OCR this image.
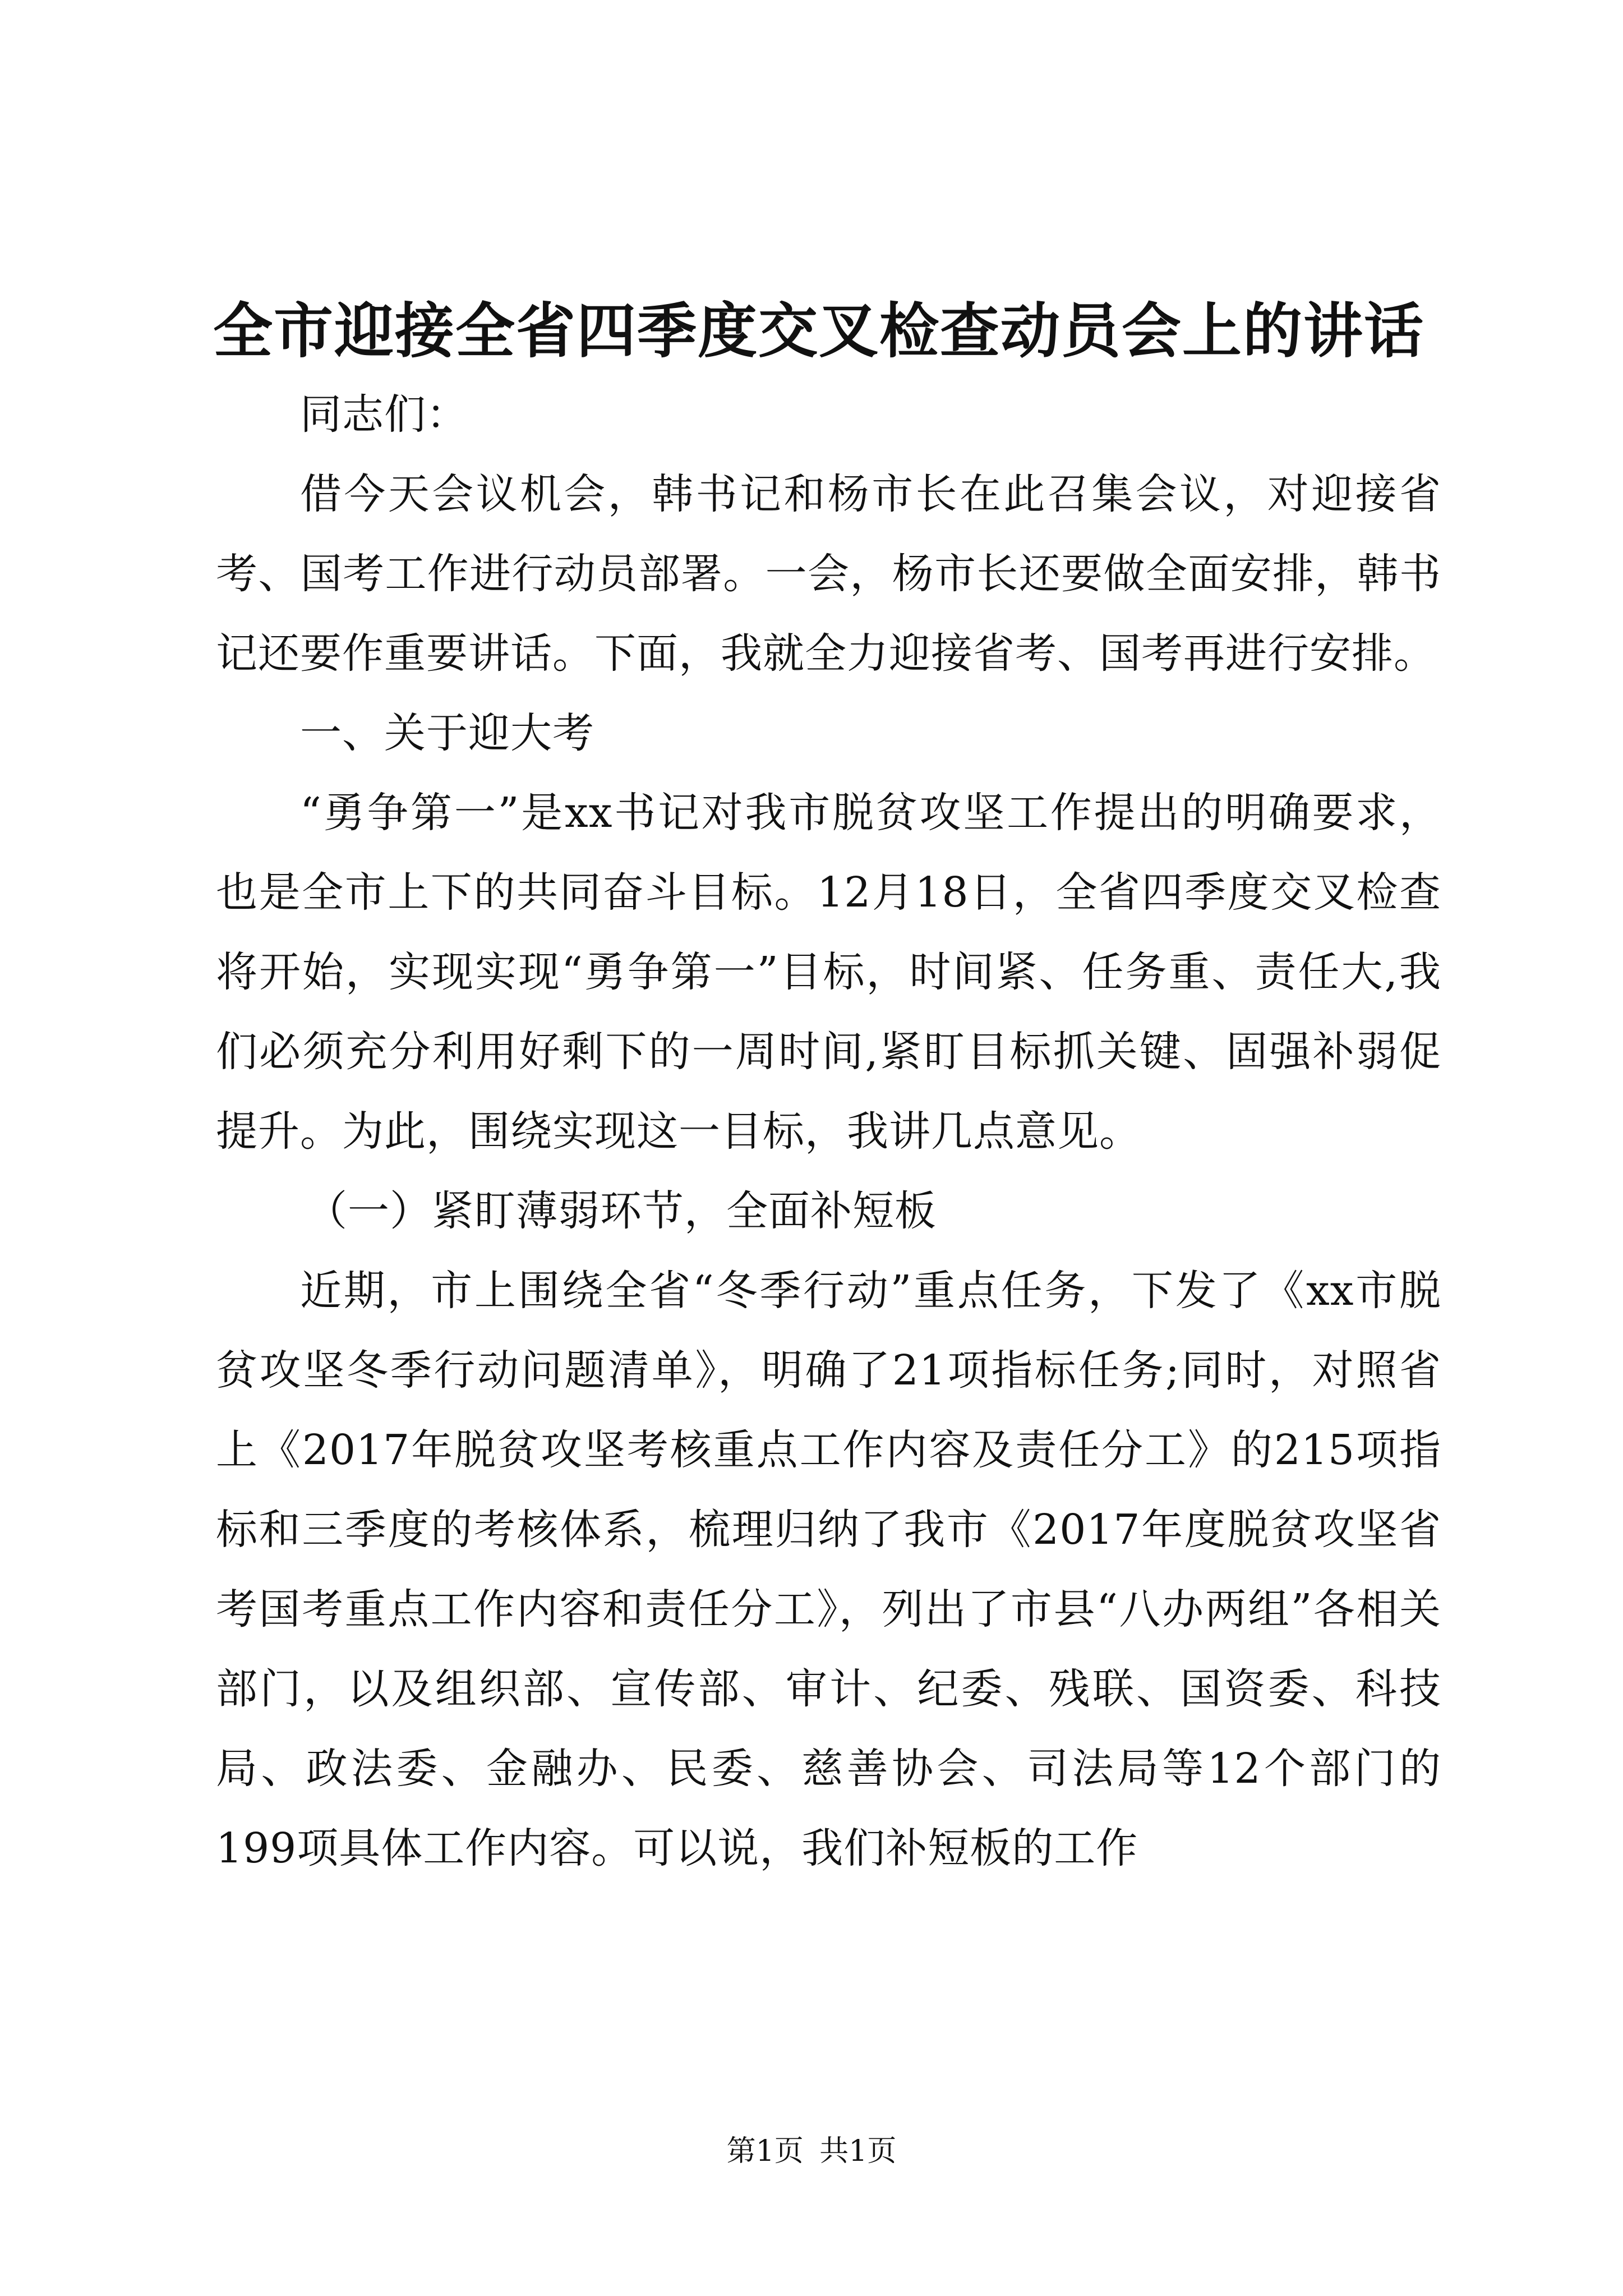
全市迎接全省四季度交叉检查动员会上的讲话

同志们：

借今天会议机会，韩书记和杨市长在此召集会议，对迎接省考、国考工作进行动员部署。一会，杨市长还要做全面安排，韩书记还要作重要讲话。下面，我就全力迎接省考、国考再进行安排。

一、关于迎大考

“勇争第一”是xx书记对我市脱贫攻坚工作提出的明确要求，也是全市上下的共同奋斗目标。12月18日，全省四季度交叉检查将开始，实现实现“勇争第一”目标，时间紧、任务重、责任大,我们必须充分利用好剩下的一周时间,紧盯目标抓关键、固强补弱促提升。为此，围绕实现这一目标，我讲几点意见。

（一）紧盯薄弱环节，全面补短板

近期，市上围绕全省“冬季行动”重点任务，下发了《xx市脱贫攻坚冬季行动问题清单》，明确了21项指标任务;同时，对照省上《2017年脱贫攻坚考核重点工作内容及责任分工》的215项指标和三季度的考核体系，梳理归纳了我市《2017年度脱贫攻坚省考国考重点工作内容和责任分工》，列出了市县“八办两组”各相关部门，以及组织部、宣传部、审计、纪委、残联、国资委、科技局、政法委、金融办、民委、慈善协会、司法局等12个部门的199项具体工作内容。可以说，我们补短板的工作

第1页 共1页
